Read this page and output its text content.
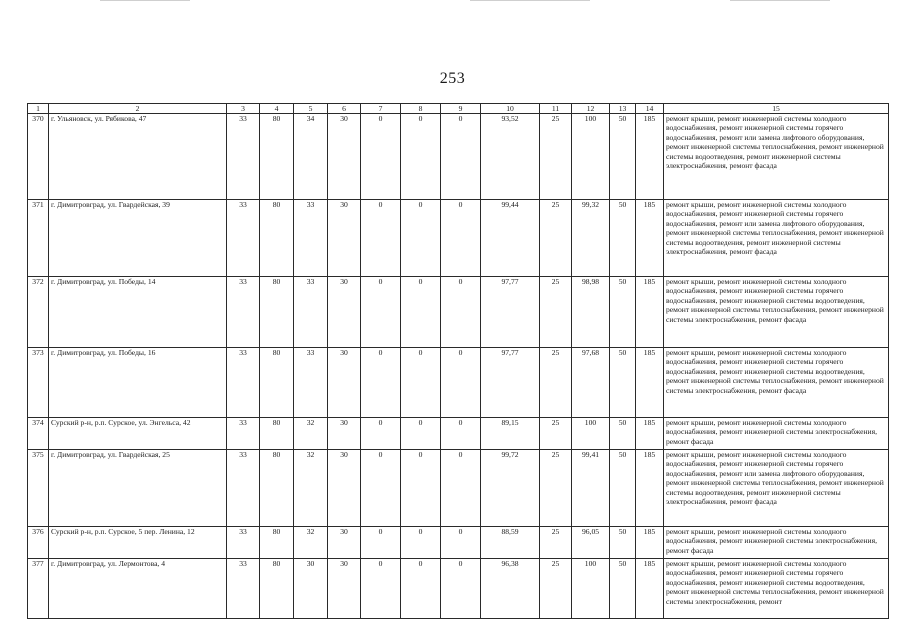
253
1	2	3	4	5	6	7	8	9	10	11	12	13	14	15
370	г. Ульяновск, ул. Рябикова, 47	33	80	34	30	0	0	0	93,52	25	100	50	185	ремонт крыши, ремонт инженерной системы холодного водоснабжения, ремонт инженерной системы горячего водоснабжения, ремонт или замена лифтового оборудования, ремонт инженерной системы теплоснабжения, ремонт инженерной системы водоотведения, ремонт инженерной системы электроснабжения, ремонт фасада
371	г. Димитровград, ул. Гвардейская, 39	33	80	33	30	0	0	0	99,44	25	99,32	50	185	ремонт крыши, ремонт инженерной системы холодного водоснабжения, ремонт инженерной системы горячего водоснабжения, ремонт или замена лифтового оборудования, ремонт инженерной системы теплоснабжения, ремонт инженерной системы водоотведения, ремонт инженерной системы электроснабжения, ремонт фасада
372	г. Димитровград, ул. Победы, 14	33	80	33	30	0	0	0	97,77	25	98,98	50	185	ремонт крыши, ремонт инженерной системы холодного водоснабжения, ремонт инженерной системы горячего водоснабжения, ремонт инженерной системы водоотведения, ремонт инженерной системы теплоснабжения, ремонт инженерной системы электроснабжения, ремонт фасада
373	г. Димитровград, ул. Победы, 16	33	80	33	30	0	0	0	97,77	25	97,68	50	185	ремонт крыши, ремонт инженерной системы холодного водоснабжения, ремонт инженерной системы горячего водоснабжения, ремонт инженерной системы водоотведения, ремонт инженерной системы теплоснабжения, ремонт инженерной системы электроснабжения, ремонт фасада
374	Сурский р-н, р.п. Сурское, ул. Энгельса, 42	33	80	32	30	0	0	0	89,15	25	100	50	185	ремонт крыши, ремонт инженерной системы холодного водоснабжения, ремонт инженерной системы электроснабжения, ремонт фасада
375	г. Димитровград, ул. Гвардейская, 25	33	80	32	30	0	0	0	99,72	25	99,41	50	185	ремонт крыши, ремонт инженерной системы холодного водоснабжения, ремонт инженерной системы горячего водоснабжения, ремонт или замена лифтового оборудования, ремонт инженерной системы теплоснабжения, ремонт инженерной системы водоотведения, ремонт инженерной системы электроснабжения, ремонт фасада
376	Сурский р-н, р.п. Сурское, 5 пер. Ленина, 12	33	80	32	30	0	0	0	88,59	25	96,05	50	185	ремонт крыши, ремонт инженерной системы холодного водоснабжения, ремонт инженерной системы электроснабжения, ремонт фасада
377	г. Димитровград, ул. Лермонтова, 4	33	80	30	30	0	0	0	96,38	25	100	50	185	ремонт крыши, ремонт инженерной системы холодного водоснабжения, ремонт инженерной системы горячего водоснабжения, ремонт инженерной системы водоотведения, ремонт инженерной системы теплоснабжения, ремонт инженерной системы электроснабжения, ремонт
